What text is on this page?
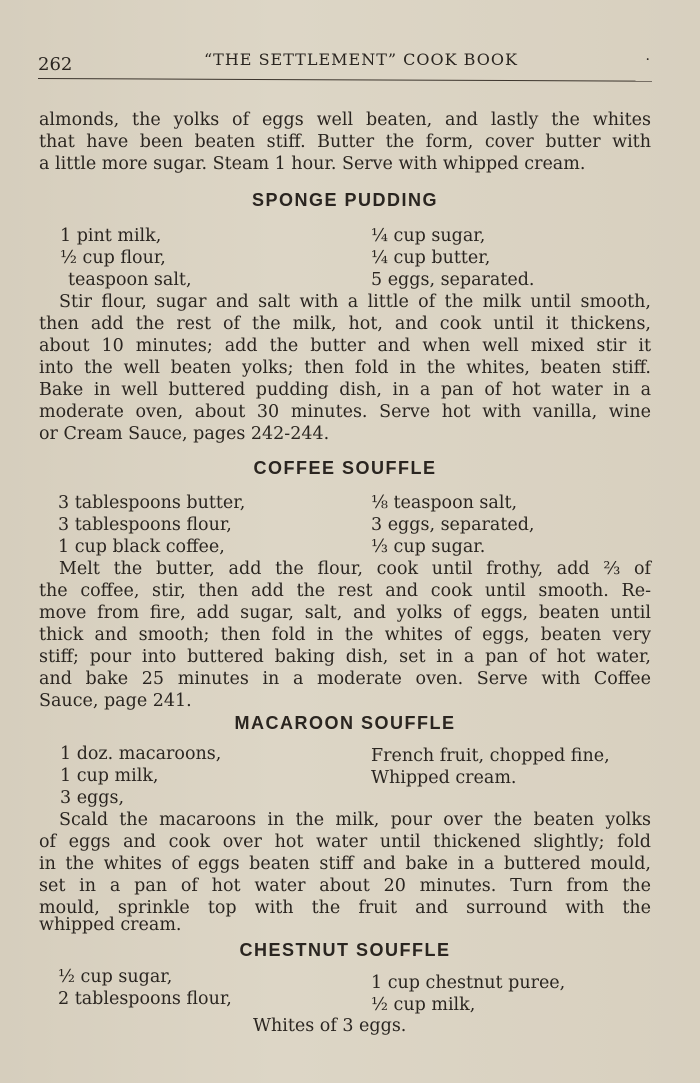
262	“THE SETTLEMENT” COOK BOOK	·
almonds, the yolks of eggs well beaten, and lastly the whites
that have been beaten stiff. Butter the form, cover butter with
a little more sugar. Steam 1 hour. Serve with whipped cream.
SPONGE PUDDING
1 pint milk,
½ cup flour,
teaspoon salt,
¼ cup sugar,
¼ cup butter,
5 eggs, separated.
Stir flour, sugar and salt with a little of the milk until smooth,
then add the rest of the milk, hot, and cook until it thickens,
about 10 minutes; add the butter and when well mixed stir it
into the well beaten yolks; then fold in the whites, beaten stiff.
Bake in well buttered pudding dish, in a pan of hot water in a
moderate oven, about 30 minutes. Serve hot with vanilla, wine
or Cream Sauce, pages 242-244.
COFFEE SOUFFLE
3 tablespoons butter,
3 tablespoons flour,
1 cup black coffee,
⅛ teaspoon salt,
3 eggs, separated,
⅓ cup sugar.
Melt the butter, add the flour, cook until frothy, add ⅔ of
the coffee, stir, then add the rest and cook until smooth. Re-
move from fire, add sugar, salt, and yolks of eggs, beaten until
thick and smooth; then fold in the whites of eggs, beaten very
stiff; pour into buttered baking dish, set in a pan of hot water,
and bake 25 minutes in a moderate oven. Serve with Coffee
Sauce, page 241.
MACAROON SOUFFLE
1 doz. macaroons,
1 cup milk,
3 eggs,
French fruit, chopped fine,
Whipped cream.
Scald the macaroons in the milk, pour over the beaten yolks
of eggs and cook over hot water until thickened slightly; fold
in the whites of eggs beaten stiff and bake in a buttered mould,
set in a pan of hot water about 20 minutes. Turn from the
mould, sprinkle top with the fruit and surround with the
whipped cream.
CHESTNUT SOUFFLE
½ cup sugar,
2 tablespoons flour,
1 cup chestnut puree,
½ cup milk,
Whites of 3 eggs.
